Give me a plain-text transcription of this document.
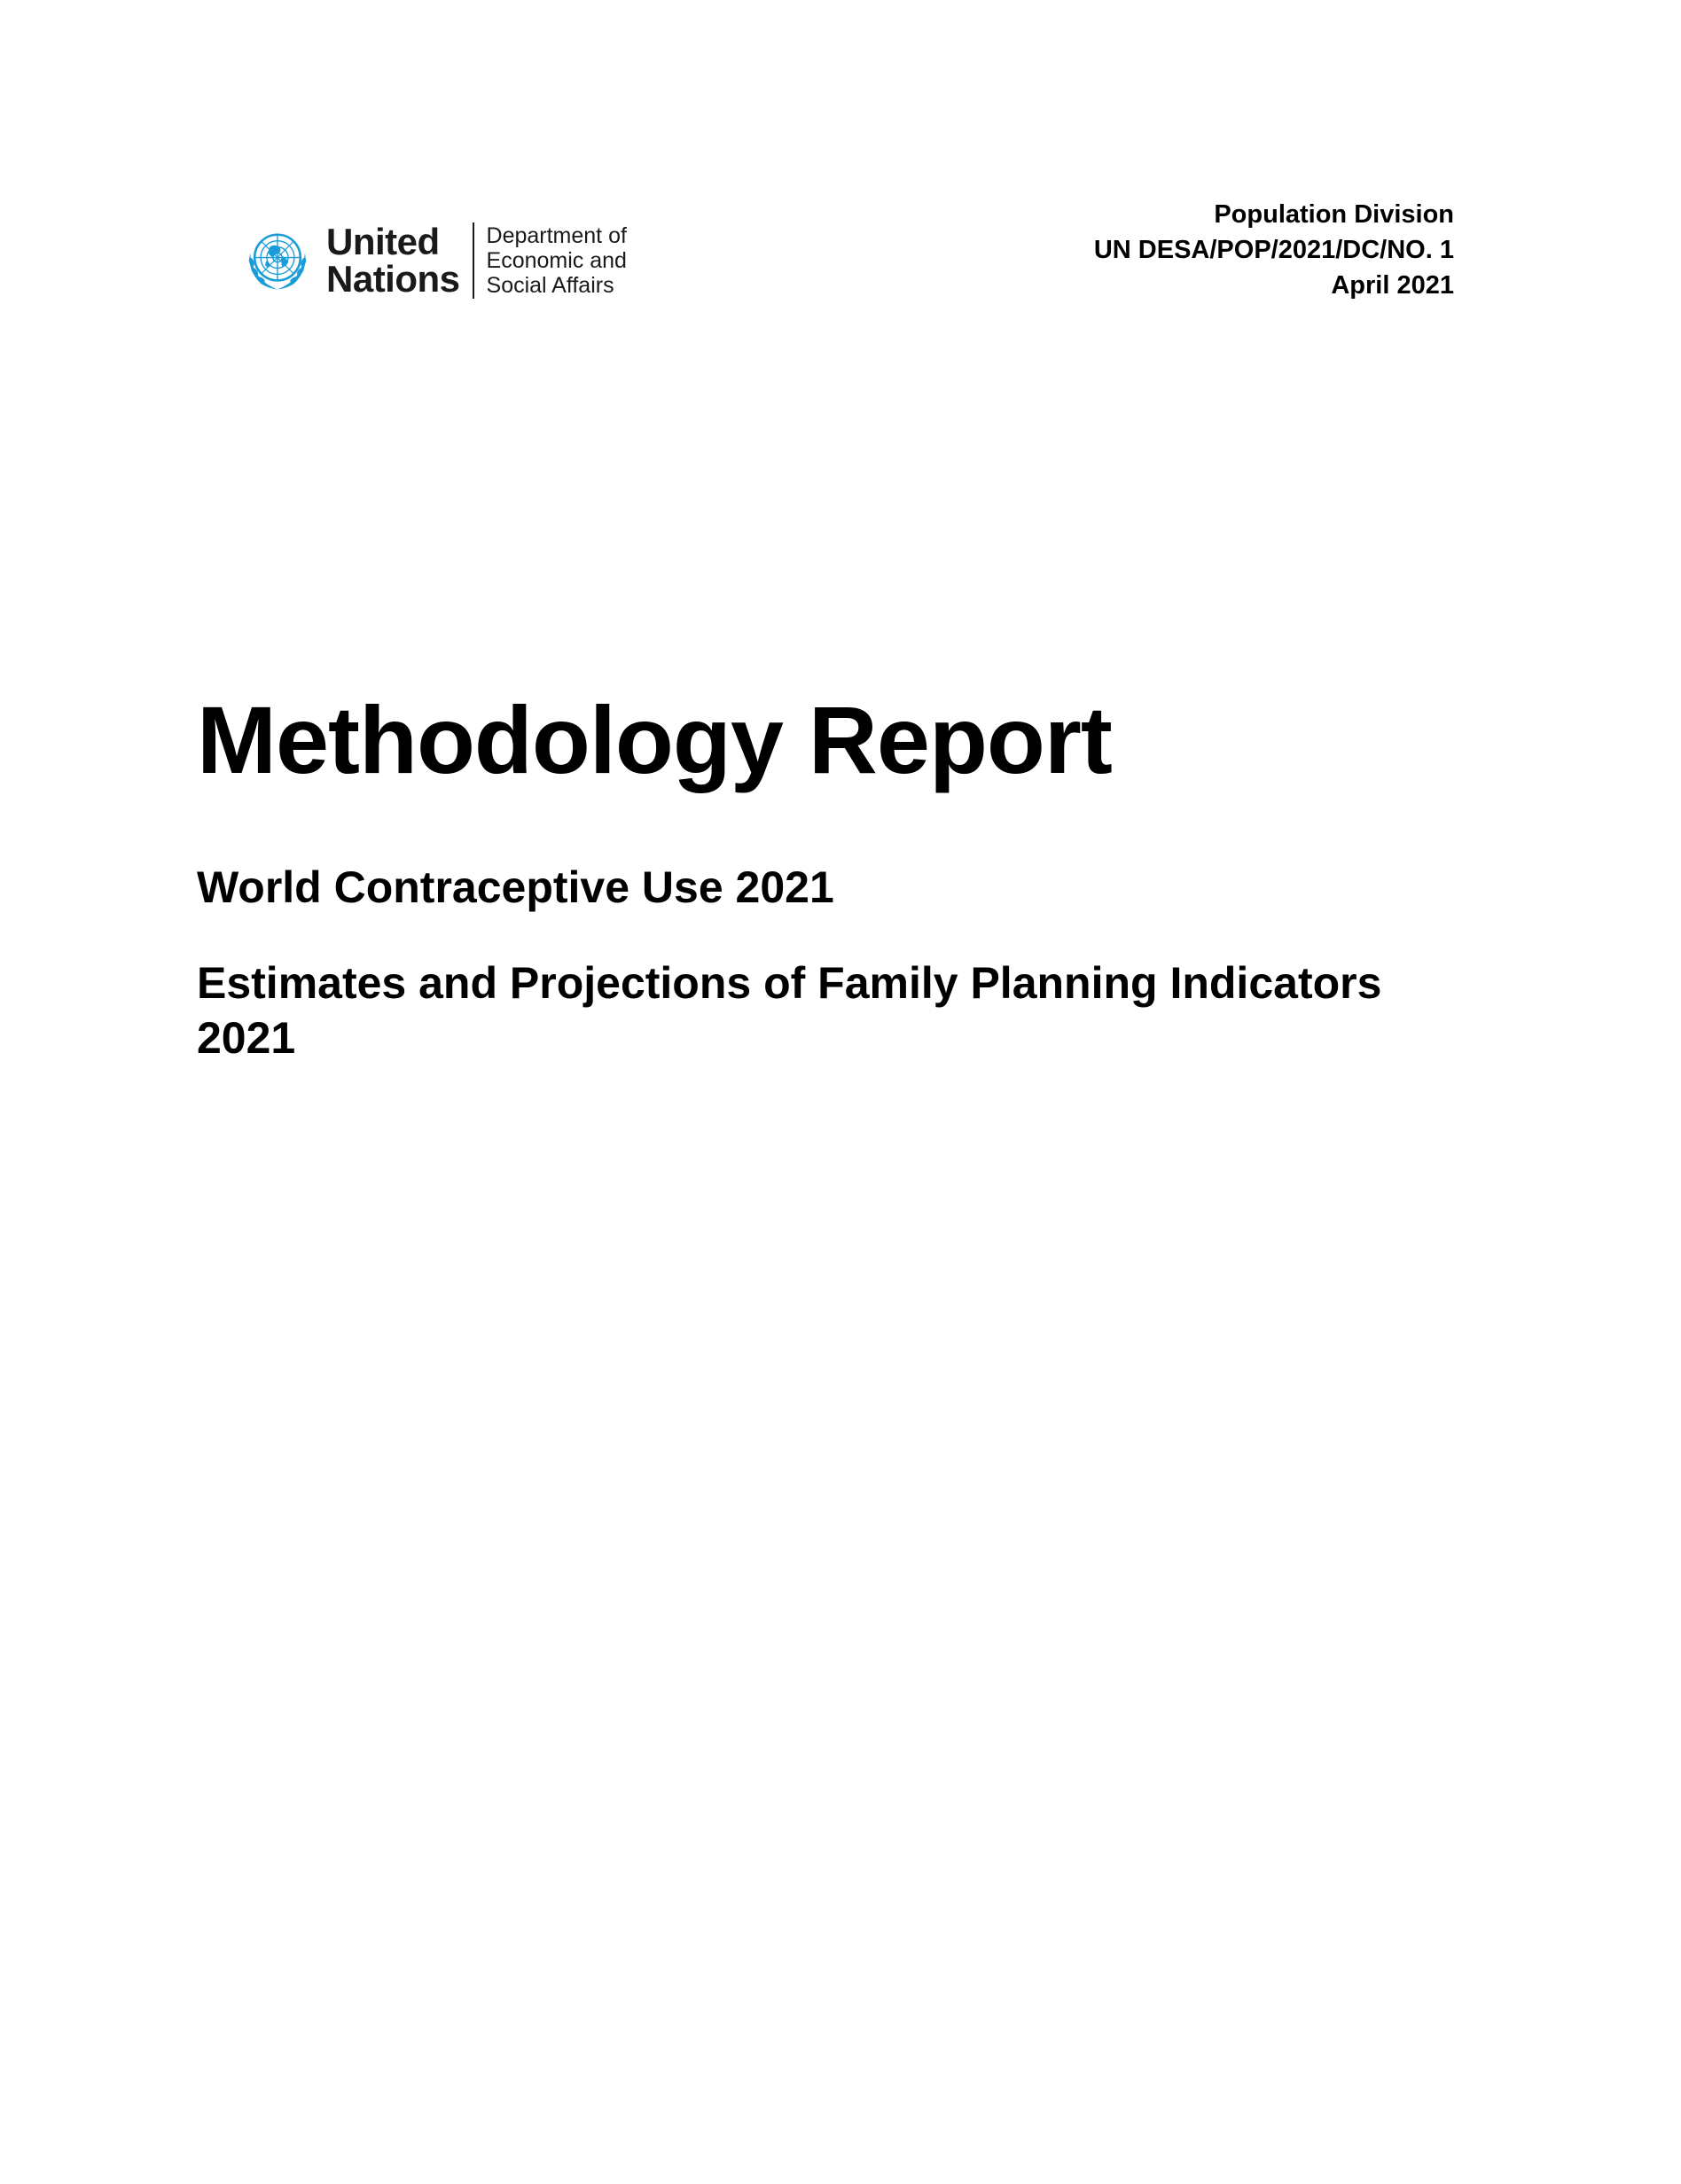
United
Nations
Department of
Economic and
Social Affairs
Population Division
UN DESA/POP/2021/DC/NO. 1
April 2021
Methodology Report
World Contraceptive Use 2021
Estimates and Projections of Family Planning Indicators 2021
